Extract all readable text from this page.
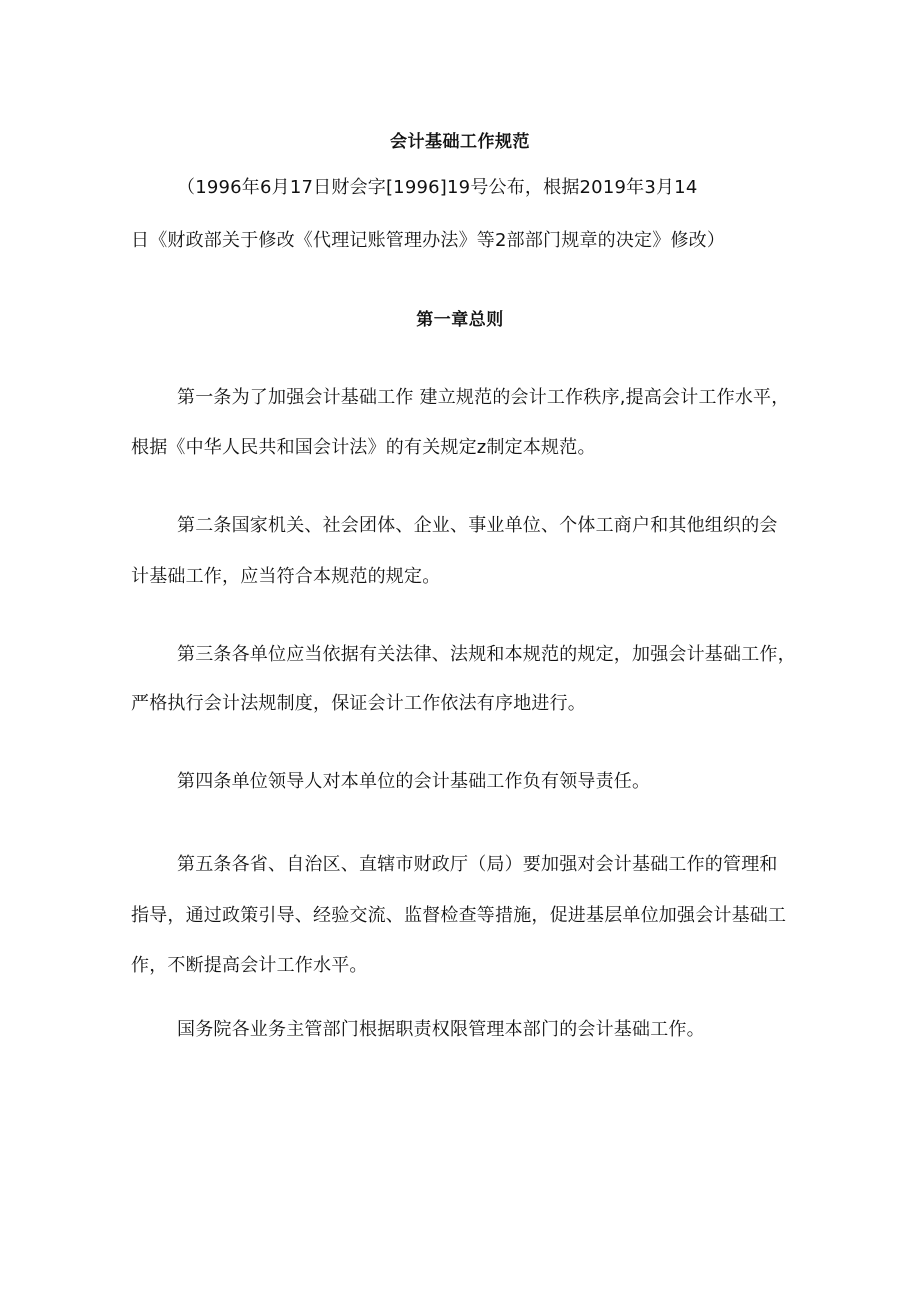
会计基础工作规范
（1996年6月17日财会字[1996]19号公布，根据2019年3月14
日《财政部关于修改《代理记账管理办法》等2部部门规章的决定》修改）
第一章总则
第一条为了加强会计基础工作 建立规范的会计工作秩序,提高会计工作水平，
根据《中华人民共和国会计法》的有关规定z制定本规范。
第二条国家机关、社会团体、企业、事业单位、个体工商户和其他组织的会
计基础工作，应当符合本规范的规定。
第三条各单位应当依据有关法律、法规和本规范的规定，加强会计基础工作，
严格执行会计法规制度，保证会计工作依法有序地进行。
第四条单位领导人对本单位的会计基础工作负有领导责任。
第五条各省、自治区、直辖市财政厅（局）要加强对会计基础工作的管理和
指导，通过政策引导、经验交流、监督检查等措施，促进基层单位加强会计基础工
作，不断提高会计工作水平。
国务院各业务主管部门根据职责权限管理本部门的会计基础工作。
